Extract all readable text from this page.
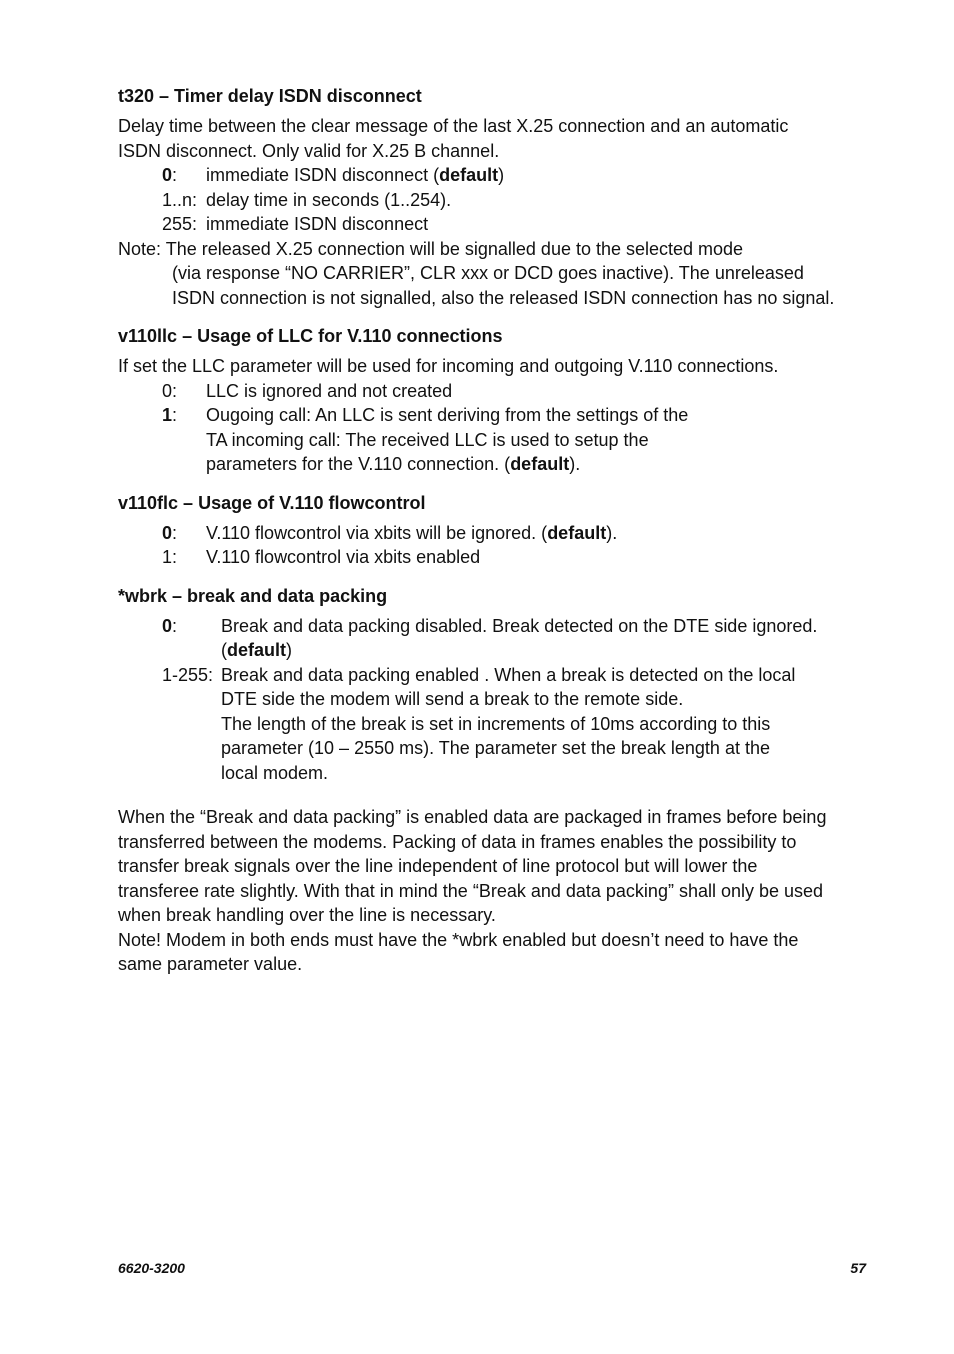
t320 – Timer delay ISDN disconnect

Delay time between the clear message of the last X.25 connection and an automatic

ISDN disconnect. Only valid for X.25 B channel.

0:	immediate ISDN disconnect (default)
1..n: delay time in seconds (1..254).
255: immediate ISDN disconnect
Note: The released X.25 connection will be signalled due to the selected mode
(via response “NO CARRIER”, CLR xxx or DCD goes inactive). The unreleased
ISDN connection is not signalled, also the released ISDN connection has no signal.
v110llc – Usage of LLC for V.110 connections

If set the LLC parameter will be used for incoming and outgoing V.110 connections.

0:	LLC is ignored and not created
1:	Ougoing call: An LLC is sent deriving from the settings of the
TA incoming call: The received LLC is used to setup the
parameters for the V.110 connection. (default).
v110flc – Usage of V.110 flowcontrol
0:	V.110 flowcontrol via xbits will be ignored. (default).
1:	V.110 flowcontrol via xbits enabled
*wbrk – break and data packing
0:	Break and data packing disabled. Break detected on the DTE side ignored.
(default)
1-255: Break and data packing enabled . When a break is detected on the local
DTE side the modem will send a break to the remote side.
The length of the break is set in increments of 10ms according to this
parameter (10 – 2550 ms). The parameter set the break length at the
local modem.

When the “Break and data packing” is enabled data are packaged in frames before being

transferred between the modems. Packing of data in frames enables the possibility to

transfer break signals over the line independent of line protocol but will lower the

transferee rate slightly. With that in mind the “Break and data packing” shall only be used

when break handling over the line is necessary.

Note! Modem in both ends must have the *wbrk enabled but doesn’t need to have the

same parameter value.

6620-3200	57
